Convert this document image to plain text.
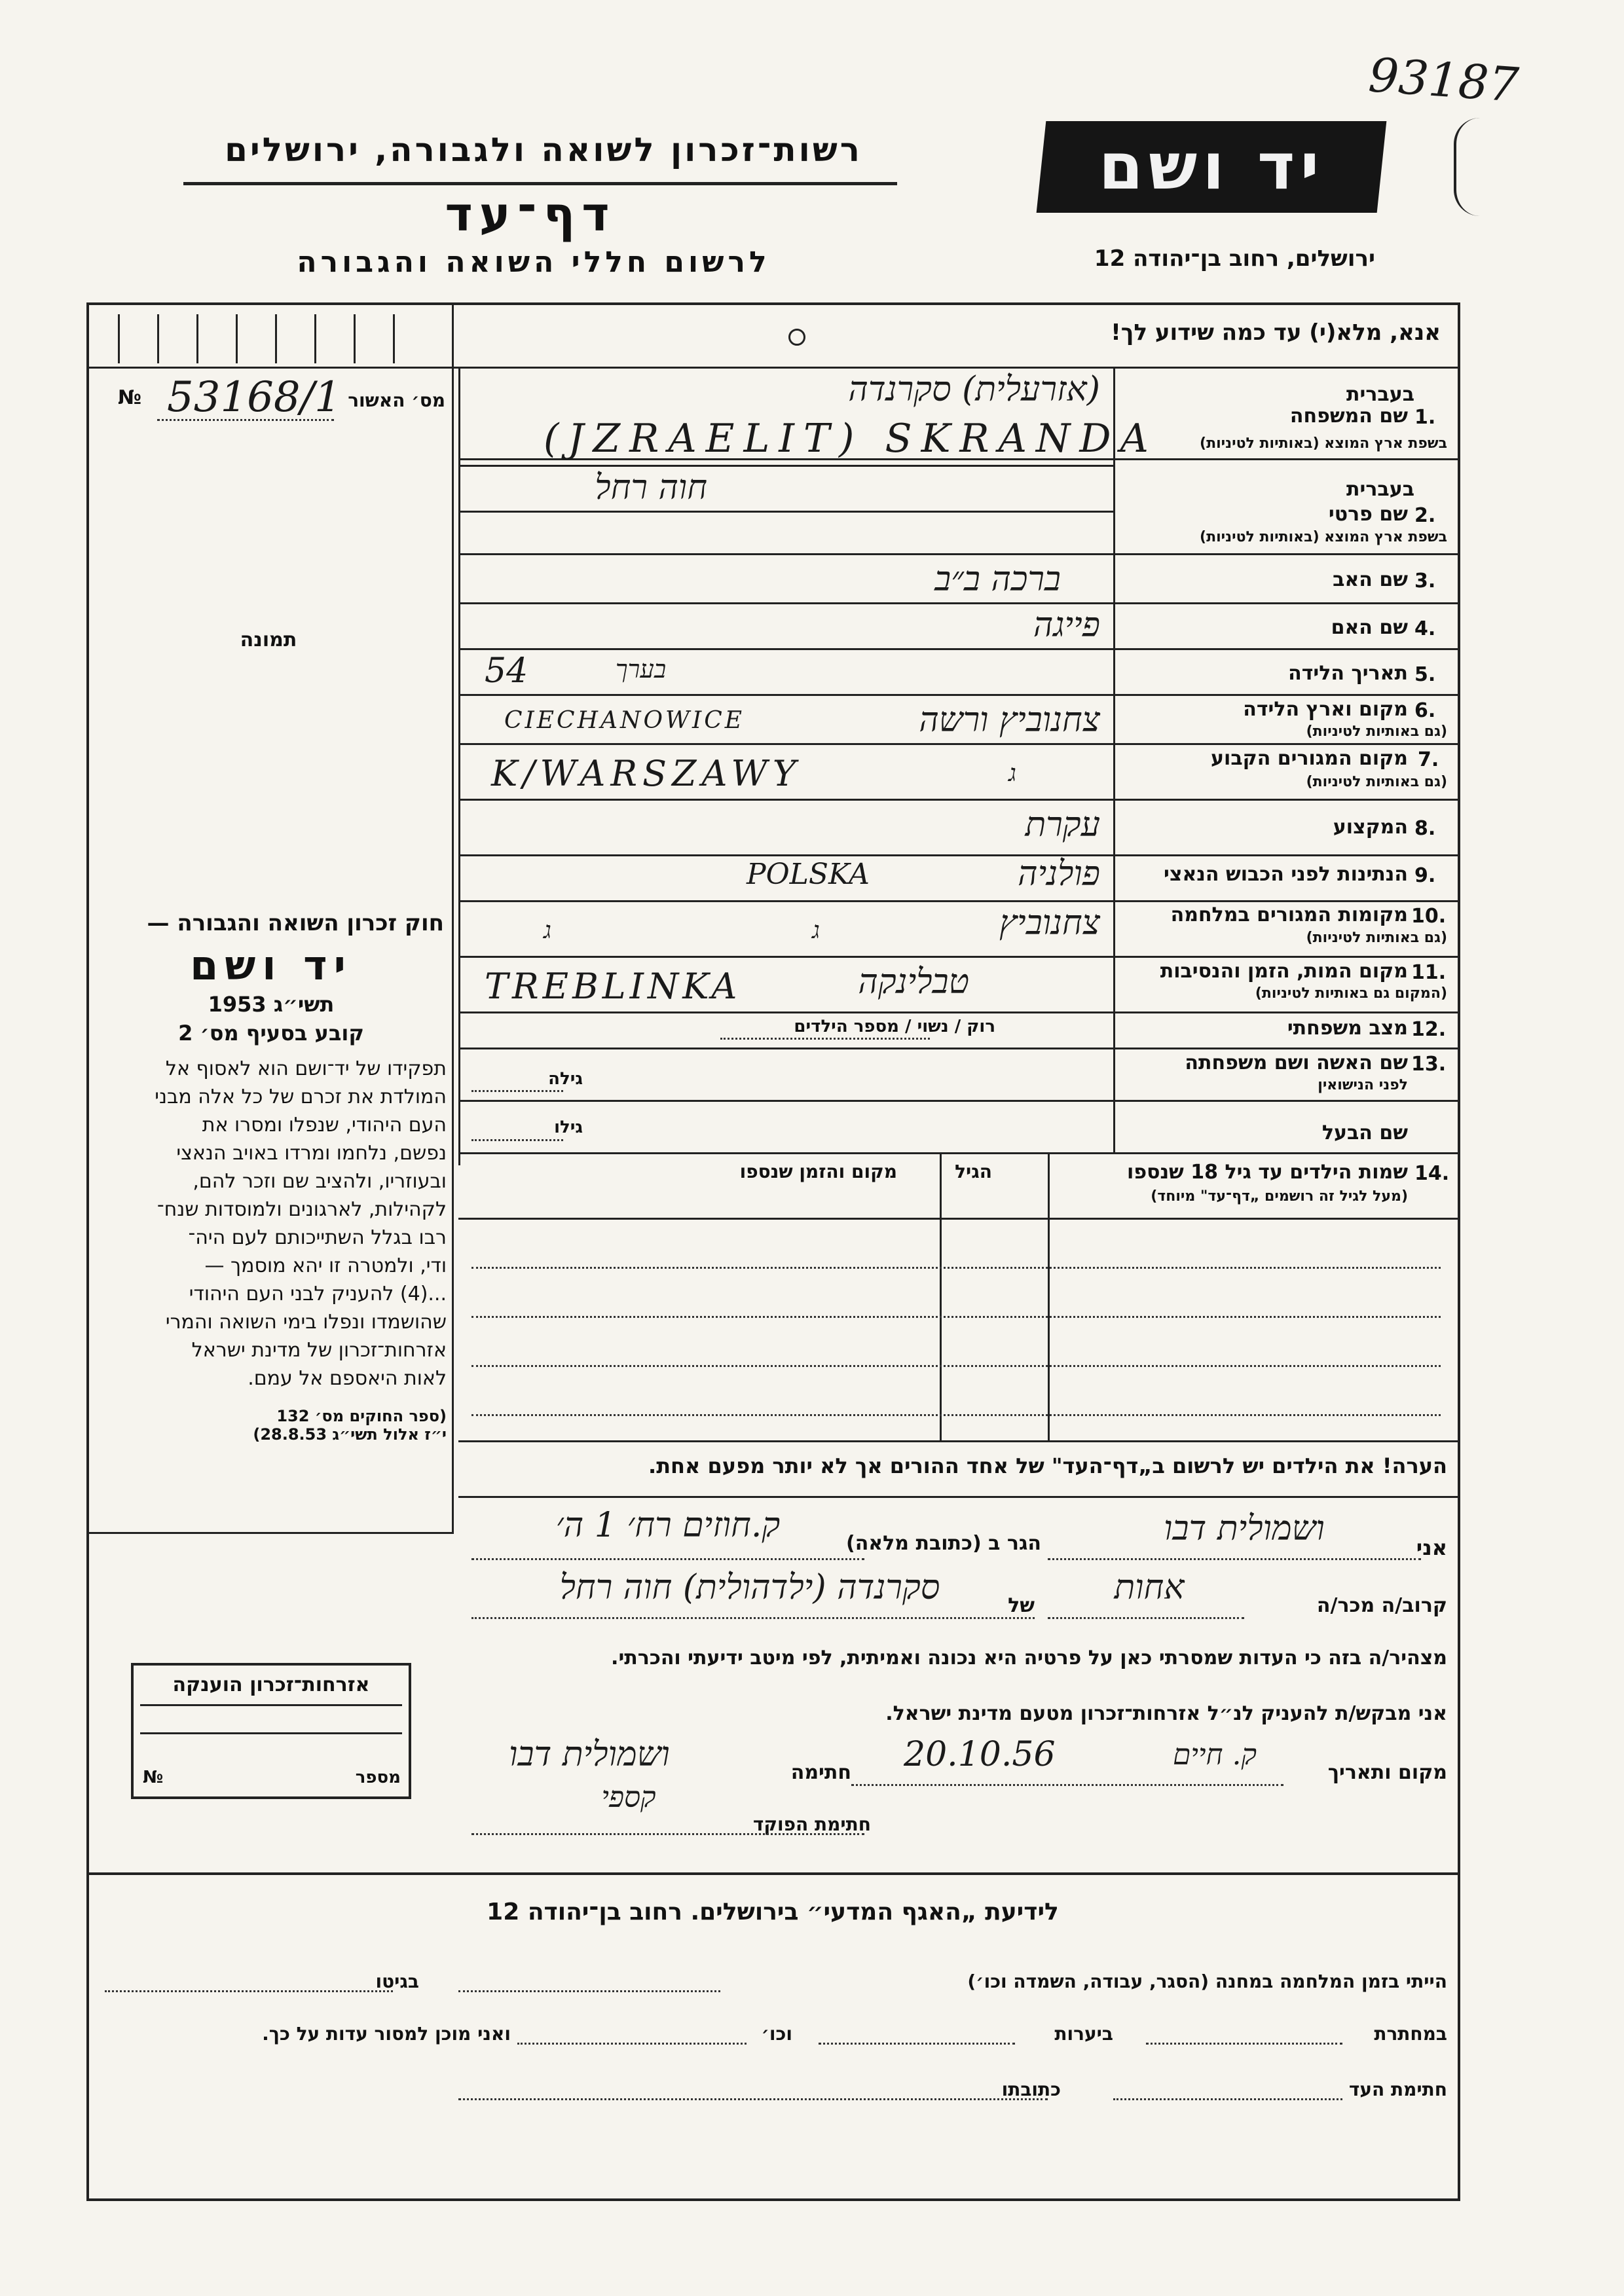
93187
רשות־זכרון לשואה ולגבורה, ירושלים
דף־עד
לרשום חללי השואה והגבורה
יד ושם
ירושלים, רחוב בן־יהודה 12
אנא, מלא(י) עד כמה שידוע לך!
מס׳ האשור
№ 53168/1
תמונה
חוק זכרון השואה והגבורה —
יד ושם
תשי״ג 1953
קובע בסעיף מס׳ 2
תפקידו של יד־ושם הוא לאסוף אל
המולדת את זכרם של כל אלה מבני
העם היהודי, שנפלו ומסרו את
נפשם, נלחמו ומרדו באויב הנאצי
ובעוזריו, ולהציב שם וזכר להם,
לקהילות, לארגונים ולמוסדות שנח־
רבו בגלל השתייכותם לעם היה־
ודי, ולמטרה זו יהא מוסמך —
...(4) להעניק לבני העם היהודי
שהושמדו ונפלו בימי השואה והמרי
אזרחות־זכרון של מדינת ישראל
לאות היאספם אל עמם.
(ספר החוקים מס׳ 132
י״ז אלול תשי״ג 28.8.53)
1.
שם המשפחה
בשפת ארץ המוצא (באותיות לטיניות)
בעברית
(אזרעלית) סקרנדה
(JZRAELIT) SKRANDA
2.
שם פרטי
בשפת ארץ המוצא (באותיות לטיניות)
בעברית
חוה רחל
3.
שם האב
ברכה ב״ב
4.
שם האם
פייגה
5.
תאריך הלידה
54	בערך
6.
מקום וארץ הלידה
(גם באותיות לטיניות)
CIECHANOWICE	צחנוביץ ורשה
7.
מקום המגורים הקבוע
(גם באותיות לטיניות)
K/WARSZAWY	ג
8.
המקצוע
עקרת
9.
הנתינות לפני הכבוש הנאצי
POLSKA	פולניה
10.
מקומות המגורים במלחמה
(גם באותיות לטיניות)
ג	ג	צחנוביץ
11.
מקום המות, הזמן והנסיבות
(המקום גם באותיות לטיניות)
TREBLINKA	טבלינקה
12.
מצב משפחתי
רוק / נשוי / מספר הילדים
13.
שם האשה ושם משפחתה
לפני הנישואין
גילה
שם הבעל
גילו
14.
שמות הילדים עד גיל 18 שנספו
(מעל לגיל זה רושמים „דף־עד" מיוחד)
הגיל
מקום והזמן שנספו
הערה! את הילדים יש לרשום ב„דף־העד" של אחד ההורים אך לא יותר מפעם אחת.
אני
ושמולית דבו
הגר ב (כתובת מלאה)
ק.חוזים רח׳ 1 ה׳
קרוב/ה מכר/ה
אחות
של
סקרנדה (ילדהולית) חוה רחל
מצהיר/ה בזה כי העדות שמסרתי כאן על פרטיה היא נכונה ואמיתית, לפי מיטב ידיעתי והכרתי.
אני מבקש/ת להעניק לנ״ל אזרחות־זכרון מטעם מדינת ישראל.
מקום ותאריך
ק. חיים
20.10.56
חתימה
ושמולית דבו
חתימת הפוקד
קספי
אזרחות־זכרון הוענקה
מספר
№
לידיעת „האגף המדעי״ בירושלים. רחוב בן־יהודה 12
הייתי בזמן המלחמה במחנה (הסגר, עבודה, השמדה וכו׳)
בגיטו
במחתרת
ביערות
וכו׳
ואני מוכן למסור עדות על כך.
חתימת העד
כתובתו
